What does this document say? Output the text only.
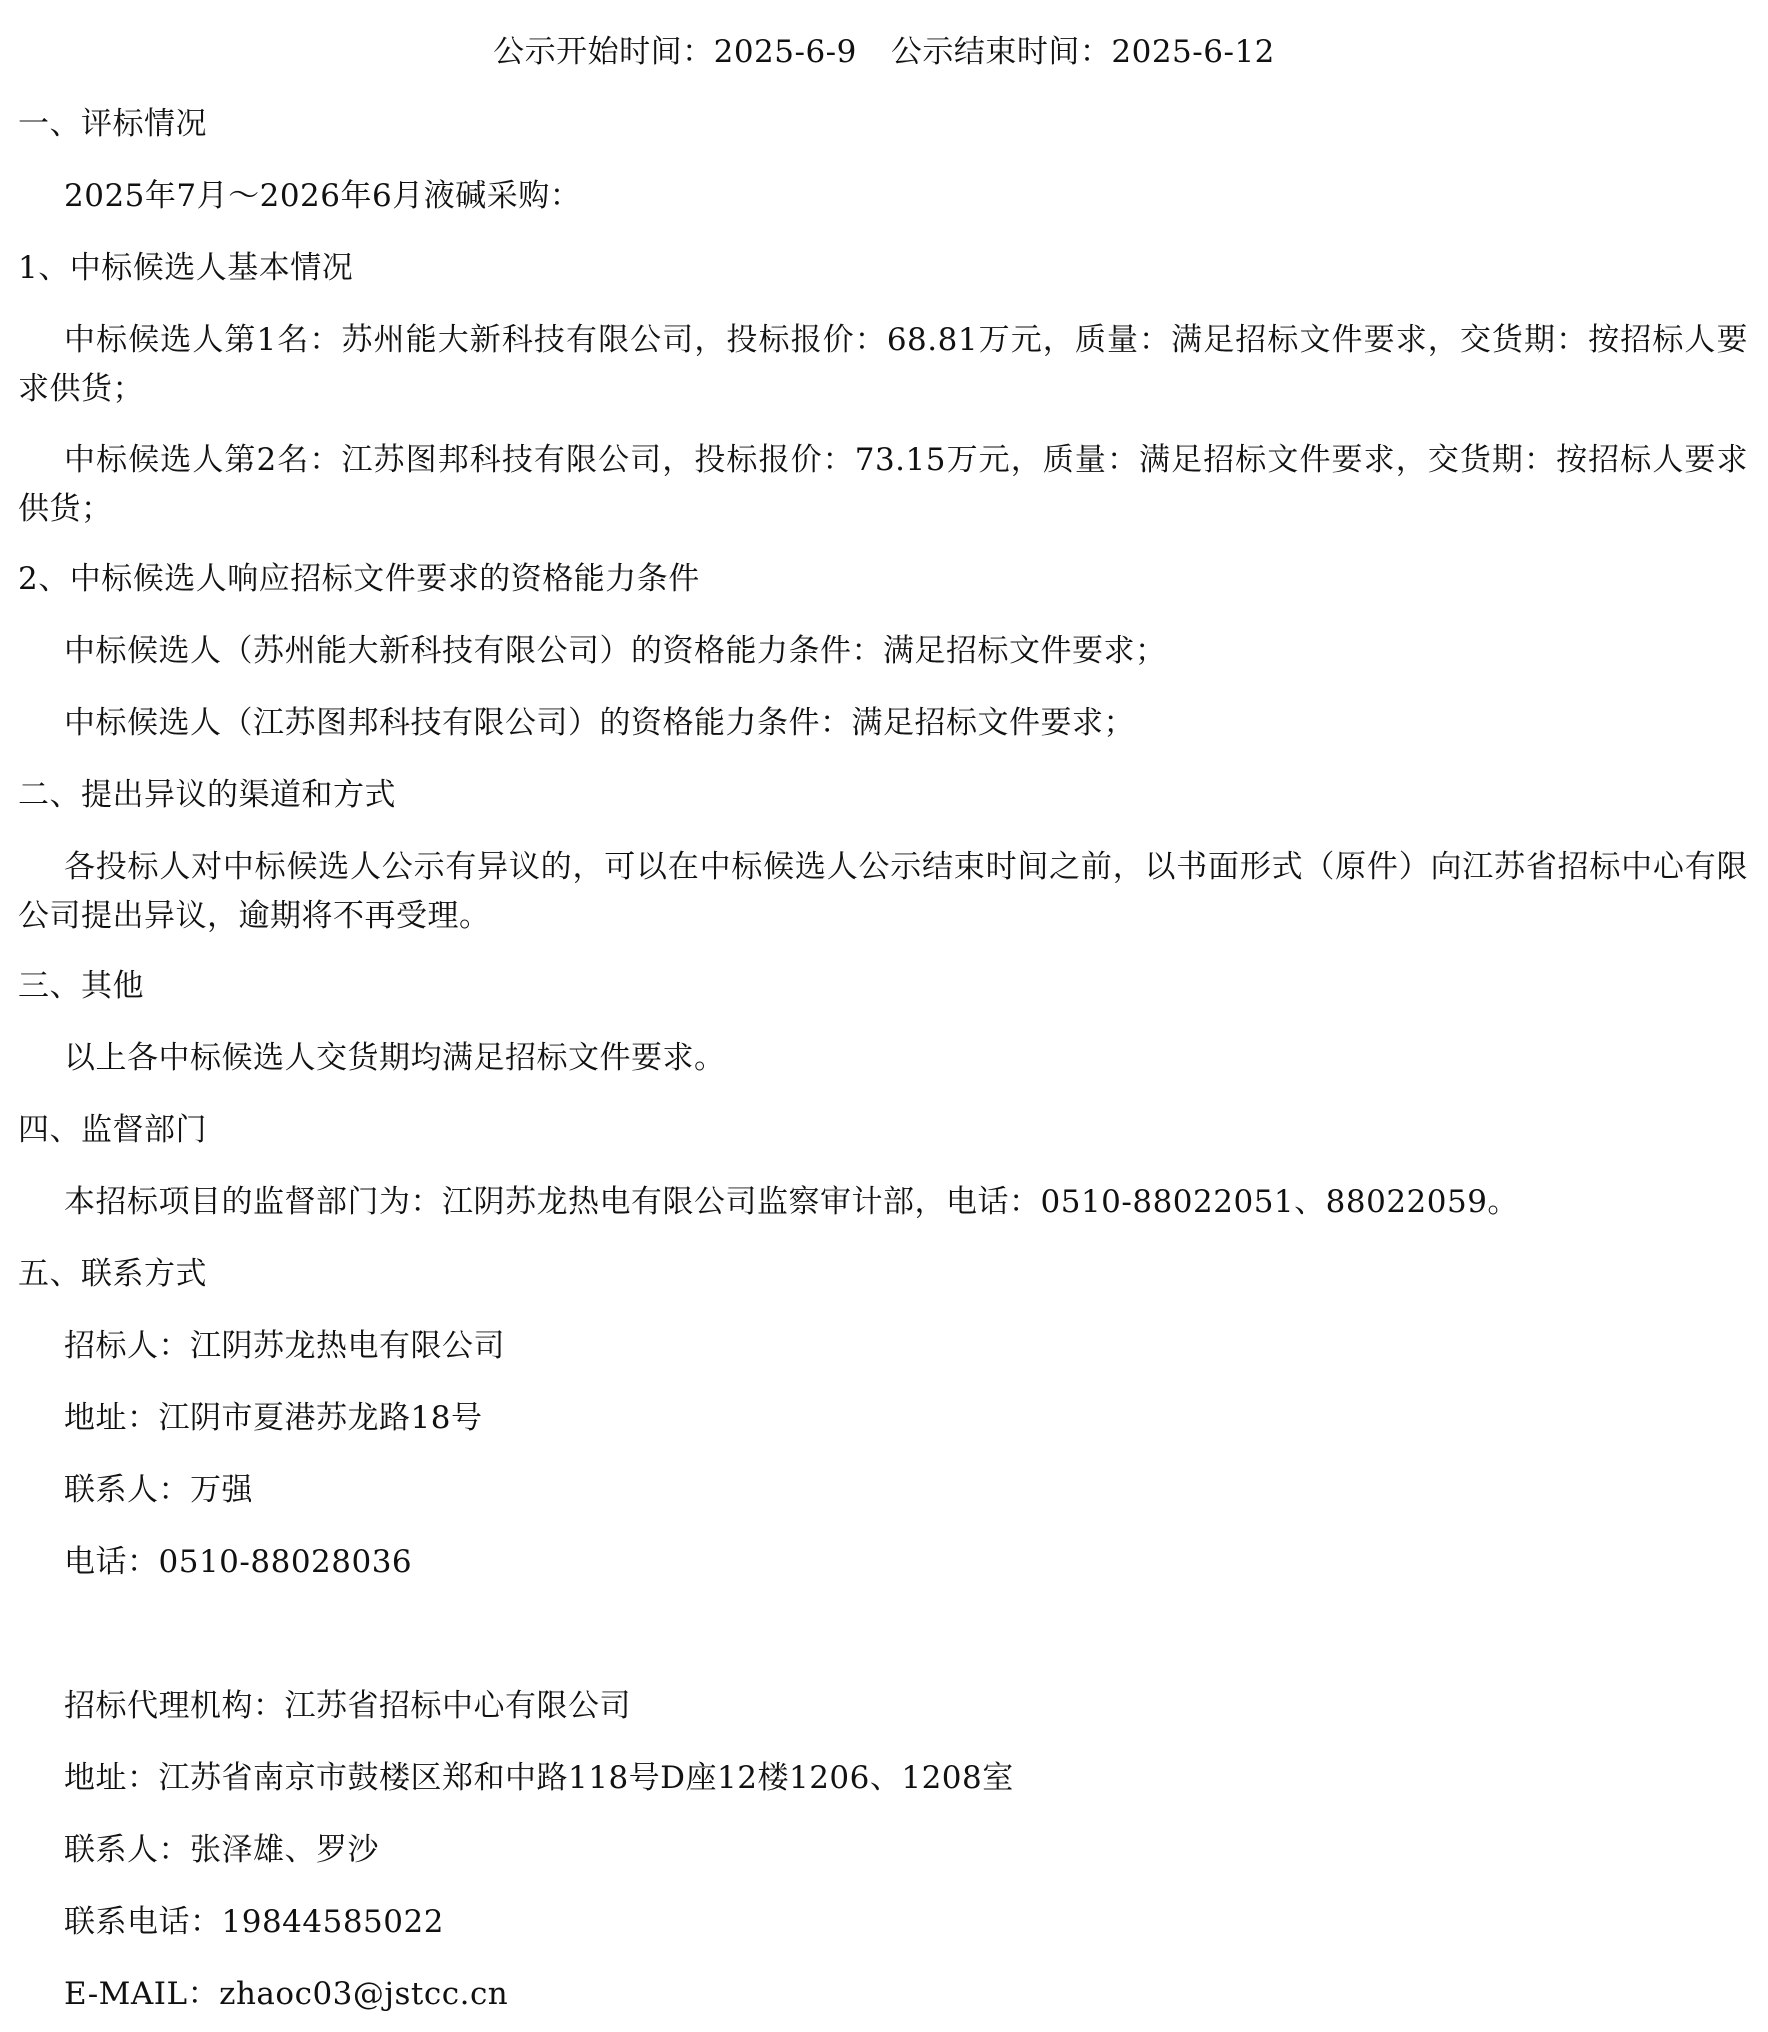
公示开始时间：2025-6-9 公示结束时间：2025-6-12

一、评标情况

2025年7月～2026年6月液碱采购：

1、中标候选人基本情况

中标候选人第1名：苏州能大新科技有限公司，投标报价：68.81万元，质量：满足招标文件要求，交货期：按招标人要求供货；

中标候选人第2名：江苏图邦科技有限公司，投标报价：73.15万元，质量：满足招标文件要求，交货期：按招标人要求供货；

2、中标候选人响应招标文件要求的资格能力条件

中标候选人（苏州能大新科技有限公司）的资格能力条件：满足招标文件要求；

中标候选人（江苏图邦科技有限公司）的资格能力条件：满足招标文件要求；

二、提出异议的渠道和方式

各投标人对中标候选人公示有异议的，可以在中标候选人公示结束时间之前，以书面形式（原件）向江苏省招标中心有限公司提出异议，逾期将不再受理。

三、其他

以上各中标候选人交货期均满足招标文件要求。

四、监督部门

本招标项目的监督部门为：江阴苏龙热电有限公司监察审计部，电话：0510-88022051、88022059。

五、联系方式

招标人：江阴苏龙热电有限公司

地址：江阴市夏港苏龙路18号

联系人：万强

电话：0510-88028036

招标代理机构：江苏省招标中心有限公司

地址：江苏省南京市鼓楼区郑和中路118号D座12楼1206、1208室

联系人：张泽雄、罗沙

联系电话：19844585022

E-MAIL：zhaoc03@jstcc.cn
